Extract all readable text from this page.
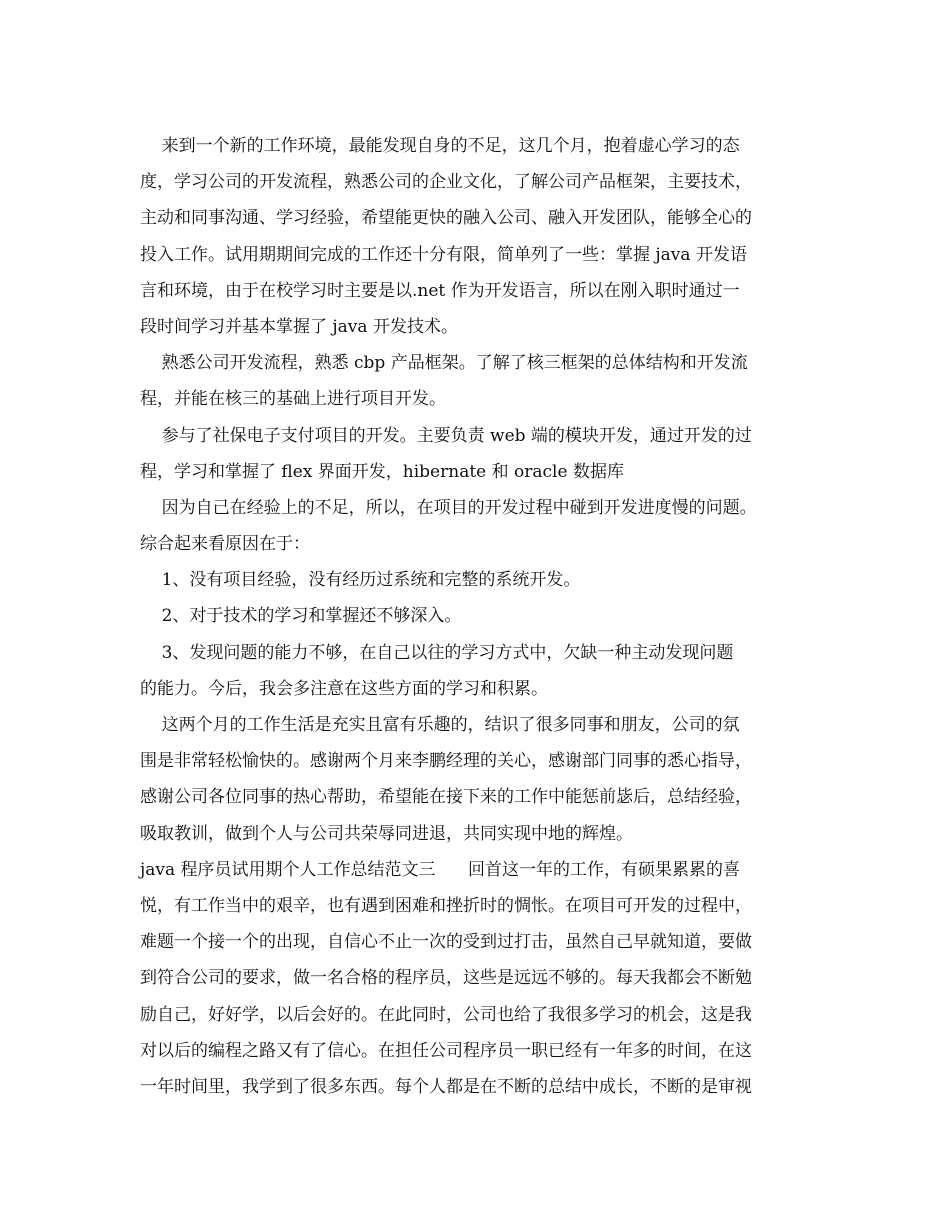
来到一个新的工作环境，最能发现自身的不足，这几个月，抱着虚心学习的态
度，学习公司的开发流程，熟悉公司的企业文化，了解公司产品框架，主要技术，
主动和同事沟通、学习经验，希望能更快的融入公司、融入开发团队，能够全心的
投入工作。试用期期间完成的工作还十分有限，简单列了一些：掌握 java 开发语
言和环境，由于在校学习时主要是以.net 作为开发语言，所以在刚入职时通过一
段时间学习并基本掌握了 java 开发技术。
熟悉公司开发流程，熟悉 cbp 产品框架。了解了核三框架的总体结构和开发流
程，并能在核三的基础上进行项目开发。
参与了社保电子支付项目的开发。主要负责 web 端的模块开发，通过开发的过
程，学习和掌握了 flex 界面开发，hibernate 和 oracle 数据库
因为自己在经验上的不足，所以，在项目的开发过程中碰到开发进度慢的问题。
综合起来看原因在于：
1、没有项目经验，没有经历过系统和完整的系统开发。
2、对于技术的学习和掌握还不够深入。
3、发现问题的能力不够，在自己以往的学习方式中，欠缺一种主动发现问题
的能力。今后，我会多注意在这些方面的学习和积累。
这两个月的工作生活是充实且富有乐趣的，结识了很多同事和朋友，公司的氛
围是非常轻松愉快的。感谢两个月来李鹏经理的关心，感谢部门同事的悉心指导，
感谢公司各位同事的热心帮助，希望能在接下来的工作中能惩前毖后，总结经验，
吸取教训，做到个人与公司共荣辱同进退，共同实现中地的辉煌。
java 程序员试用期个人工作总结范文三      回首这一年的工作，有硕果累累的喜
悦，有工作当中的艰辛，也有遇到困难和挫折时的惆怅。在项目可开发的过程中，
难题一个接一个的出现，自信心不止一次的受到过打击，虽然自己早就知道，要做
到符合公司的要求，做一名合格的程序员，这些是远远不够的。每天我都会不断勉
励自己，好好学，以后会好的。在此同时，公司也给了我很多学习的机会，这是我
对以后的编程之路又有了信心。在担任公司程序员一职已经有一年多的时间，在这
一年时间里，我学到了很多东西。每个人都是在不断的总结中成长，不断的是审视
